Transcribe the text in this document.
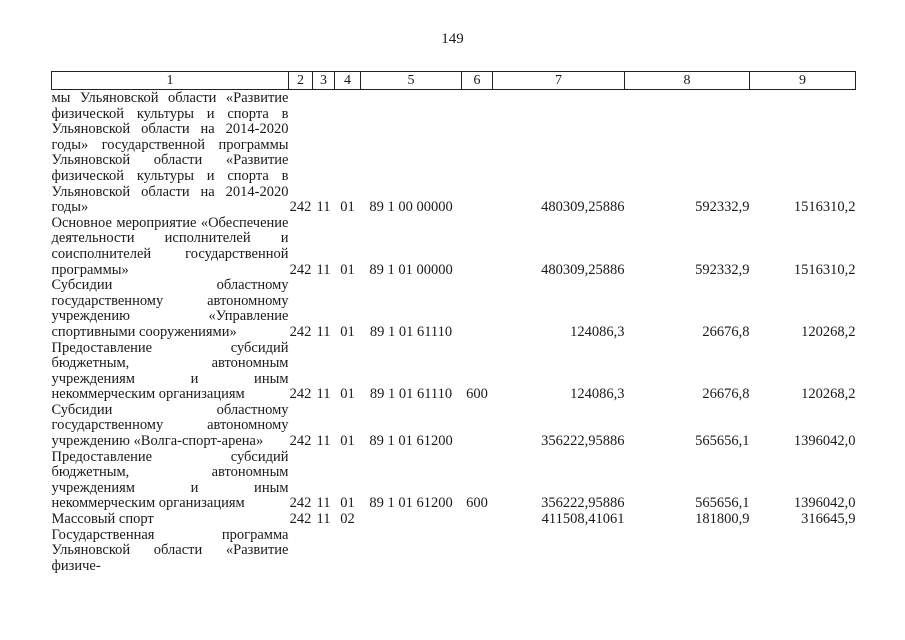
149
1	2	3	4	5	6	7	8	9
мы Ульяновской области «Развитие физической культуры и спорта в Ульяновской области на 2014-2020 годы» государственной программы Ульяновской области «Развитие физической культуры и спорта в Ульяновской области на 2014-2020 годы»	242	11	01	89 1 00 00000		480309,25886	592332,9	1516310,2
Основное мероприятие «Обеспечение деятельности исполнителей и соисполнителей государственной программы»	242	11	01	89 1 01 00000		480309,25886	592332,9	1516310,2
Субсидии областному государственному автономному учреждению «Управление спортивными сооружениями»	242	11	01	89 1 01 61110		124086,3	26676,8	120268,2
Предоставление субсидий бюджетным, автономным учреждениям и иным некоммерческим организациям	242	11	01	89 1 01 61110	600	124086,3	26676,8	120268,2
Субсидии областному государственному автономному учреждению «Волга-спорт-арена»	242	11	01	89 1 01 61200		356222,95886	565656,1	1396042,0
Предоставление субсидий бюджетным, автономным учреждениям и иным некоммерческим организациям	242	11	01	89 1 01 61200	600	356222,95886	565656,1	1396042,0
Массовый спорт	242	11	02			411508,41061	181800,9	316645,9
Государственная программа Ульяновской области «Развитие физиче-								
